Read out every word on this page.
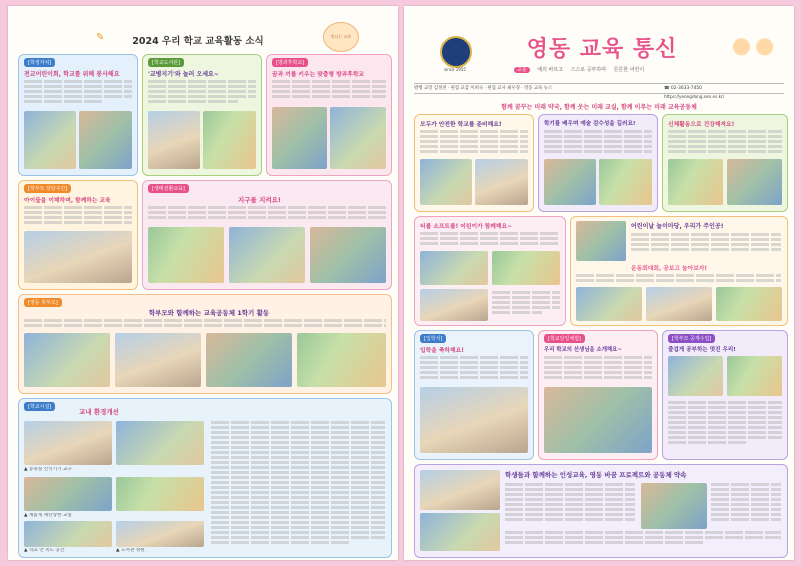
2024 우리 학교 교육활동 소식
✎	빛나는 교육
[학생자치]
전교어린이회, 학교를 위해 봉사해요
[학교도서관]
'교병지기'와 놀러 오세요~
[방과후학교]
꿈과 끼를 키우는 맞춤형 방과후학교
[학부모 상담주간]
아이들을 이해하며, 함께하는 교육
[생태전환교육]
지구를 지켜요!
[영등 학부모]
학부모와 함께하는 교육공동체 1학기 활동
[학교시설]
교내 환경개선
▲ 증축실 신식기기 교구
▲ 새롭게 새단장한 교실
▲ 학교 안 복도 공간	▲ 도서관 정원
since 1955
영동 교육 통신
교훈 예의 바르고 스스로 공부하며 튼튼한 어린이
발행 교장 김정천 · 편집 교감 이희숙 · 편집 교사 최우경 · 영동 교육 뉴스	☎ 02-3633-7450
https://yeongdong.sen.es.kr/
함께 꿈꾸는 미래 약국, 함께 웃는 미래 교실, 함께 이루는 미래 교육공동체
모두가 안전한 학교를 준비해요!	학기를 배우며 예술 감수성을 길러요!	신체활동으로 건강해져요!
티볼 소프트볼! 어린이가 함께해요~	어린이날 놀이마당, 우리가 주인공!
운동회대회, 공보고 놀아보자!
[입학식]
입학을 축하해요!
[학교당일체험]
우리 학교의 선생님을 소개해요~
[학부모 공개수업]
즐겁게 공부하는 멋진 우리!
학생들과 함께하는 인성교육, 영동 바꿈 프로젝트와 공동체 약속
